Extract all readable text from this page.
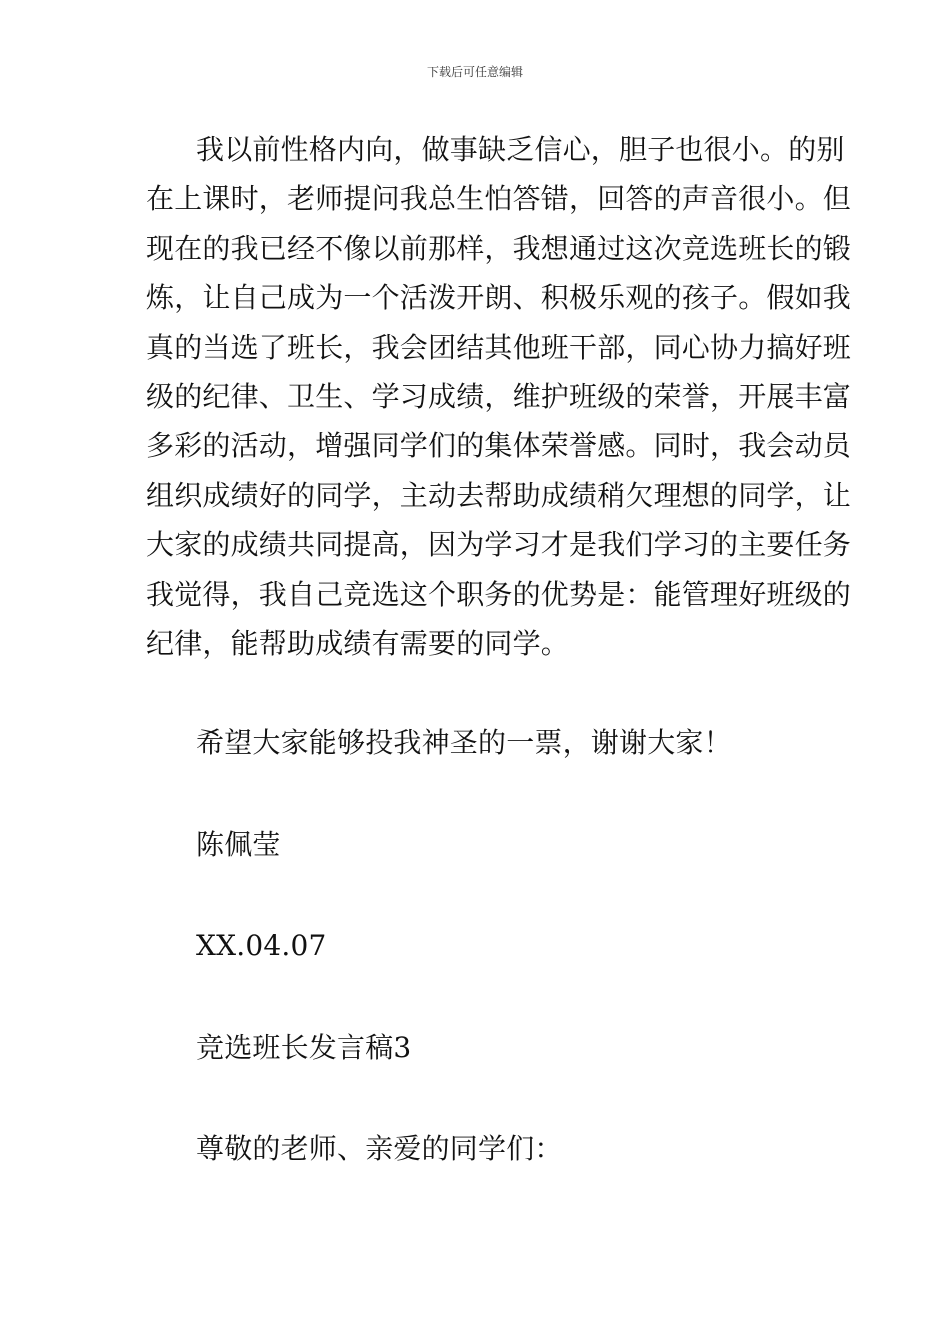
下载后可任意编辑
我以前性格内向，做事缺乏信心，胆子也很小。的别
在上课时，老师提问我总生怕答错，回答的声音很小。但
现在的我已经不像以前那样，我想通过这次竞选班长的锻
炼，让自己成为一个活泼开朗、积极乐观的孩子。假如我
真的当选了班长，我会团结其他班干部，同心协力搞好班
级的纪律、卫生、学习成绩，维护班级的荣誉，开展丰富
多彩的活动，增强同学们的集体荣誉感。同时，我会动员
组织成绩好的同学，主动去帮助成绩稍欠理想的同学，让
大家的成绩共同提高，因为学习才是我们学习的主要任务
我觉得，我自己竞选这个职务的优势是：能管理好班级的
纪律，能帮助成绩有需要的同学。
希望大家能够投我神圣的一票，谢谢大家！
陈佩莹
XX.04.07
竞选班长发言稿3
尊敬的老师、亲爱的同学们：
